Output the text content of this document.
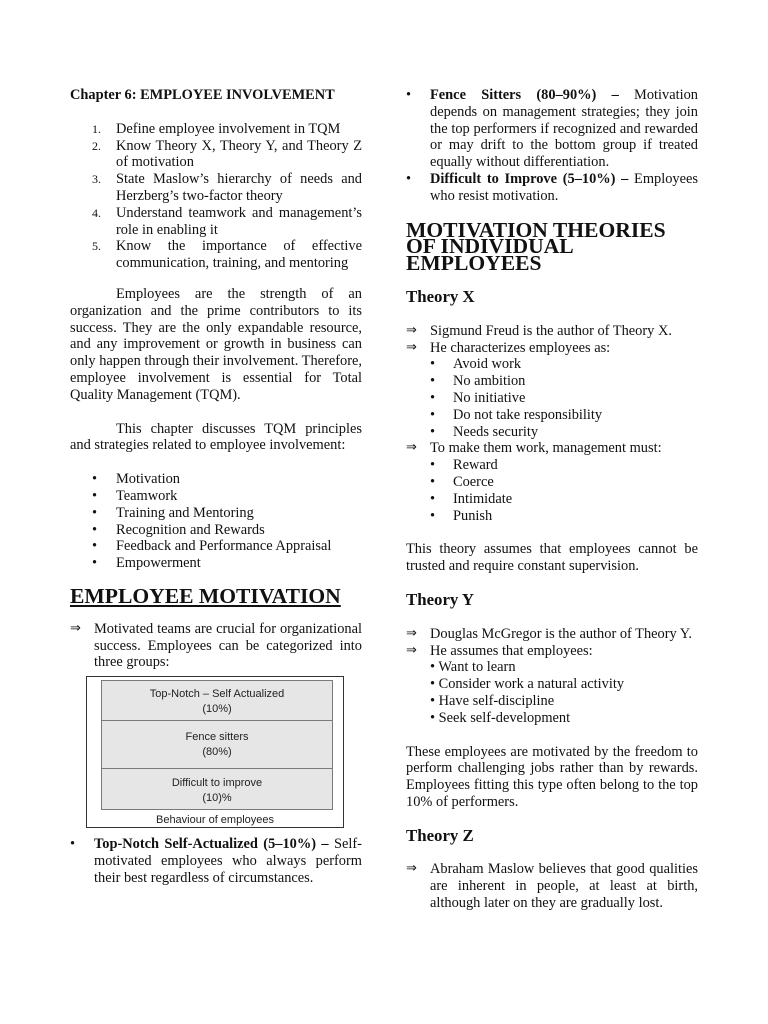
Chapter 6: EMPLOYEE INVOLVEMENT
1. Define employee involvement in TQM
2. Know Theory X, Theory Y, and Theory Z of motivation
3. State Maslow’s hierarchy of needs and Herzberg’s two-factor theory
4. Understand teamwork and management’s role in enabling it
5. Know the importance of effective communication, training, and mentoring

Employees are the strength of an organization and the prime contributors to its success. They are the only expandable resource, and any improvement or growth in business can only happen through their involvement. Therefore, employee involvement is essential for Total Quality Management (TQM).

This chapter discusses TQM principles and strategies related to employee involvement:

• Motivation
• Teamwork
• Training and Mentoring
• Recognition and Rewards
• Feedback and Performance Appraisal
• Empowerment
EMPLOYEE MOTIVATION

⇒ Motivated teams are crucial for organizational success. Employees can be categorized into three groups:

Top-Notch – Self Actualized
(10%)
Fence sitters
(80%)
Difficult to improve
(10)%
Behaviour of employees

• Top-Notch Self-Actualized (5–10%) – Self-motivated employees who always perform their best regardless of circumstances.

• Fence Sitters (80–90%) – Motivation depends on management strategies; they join the top performers if recognized and rewarded or may drift to the bottom group if treated equally without differentiation.

• Difficult to Improve (5–10%) – Employees who resist motivation.

MOTIVATION THEORIES OF INDIVIDUAL EMPLOYEES
Theory X

⇒ Sigmund Freud is the author of Theory X.

⇒ He characterizes employees as:

• Avoid work
• No ambition
• No initiative
• Do not take responsibility
• Needs security

⇒ To make them work, management must:

• Reward
• Coerce
• Intimidate
• Punish

This theory assumes that employees cannot be trusted and require constant supervision.

Theory Y

⇒ Douglas McGregor is the author of Theory Y.

⇒ He assumes that employees:

• Want to learn
• Consider work a natural activity
• Have self-discipline
• Seek self-development

These employees are motivated by the freedom to perform challenging jobs rather than by rewards. Employees fitting this type often belong to the top 10% of performers.

Theory Z

⇒ Abraham Maslow believes that good qualities are inherent in people, at least at birth, although later on they are gradually lost.
